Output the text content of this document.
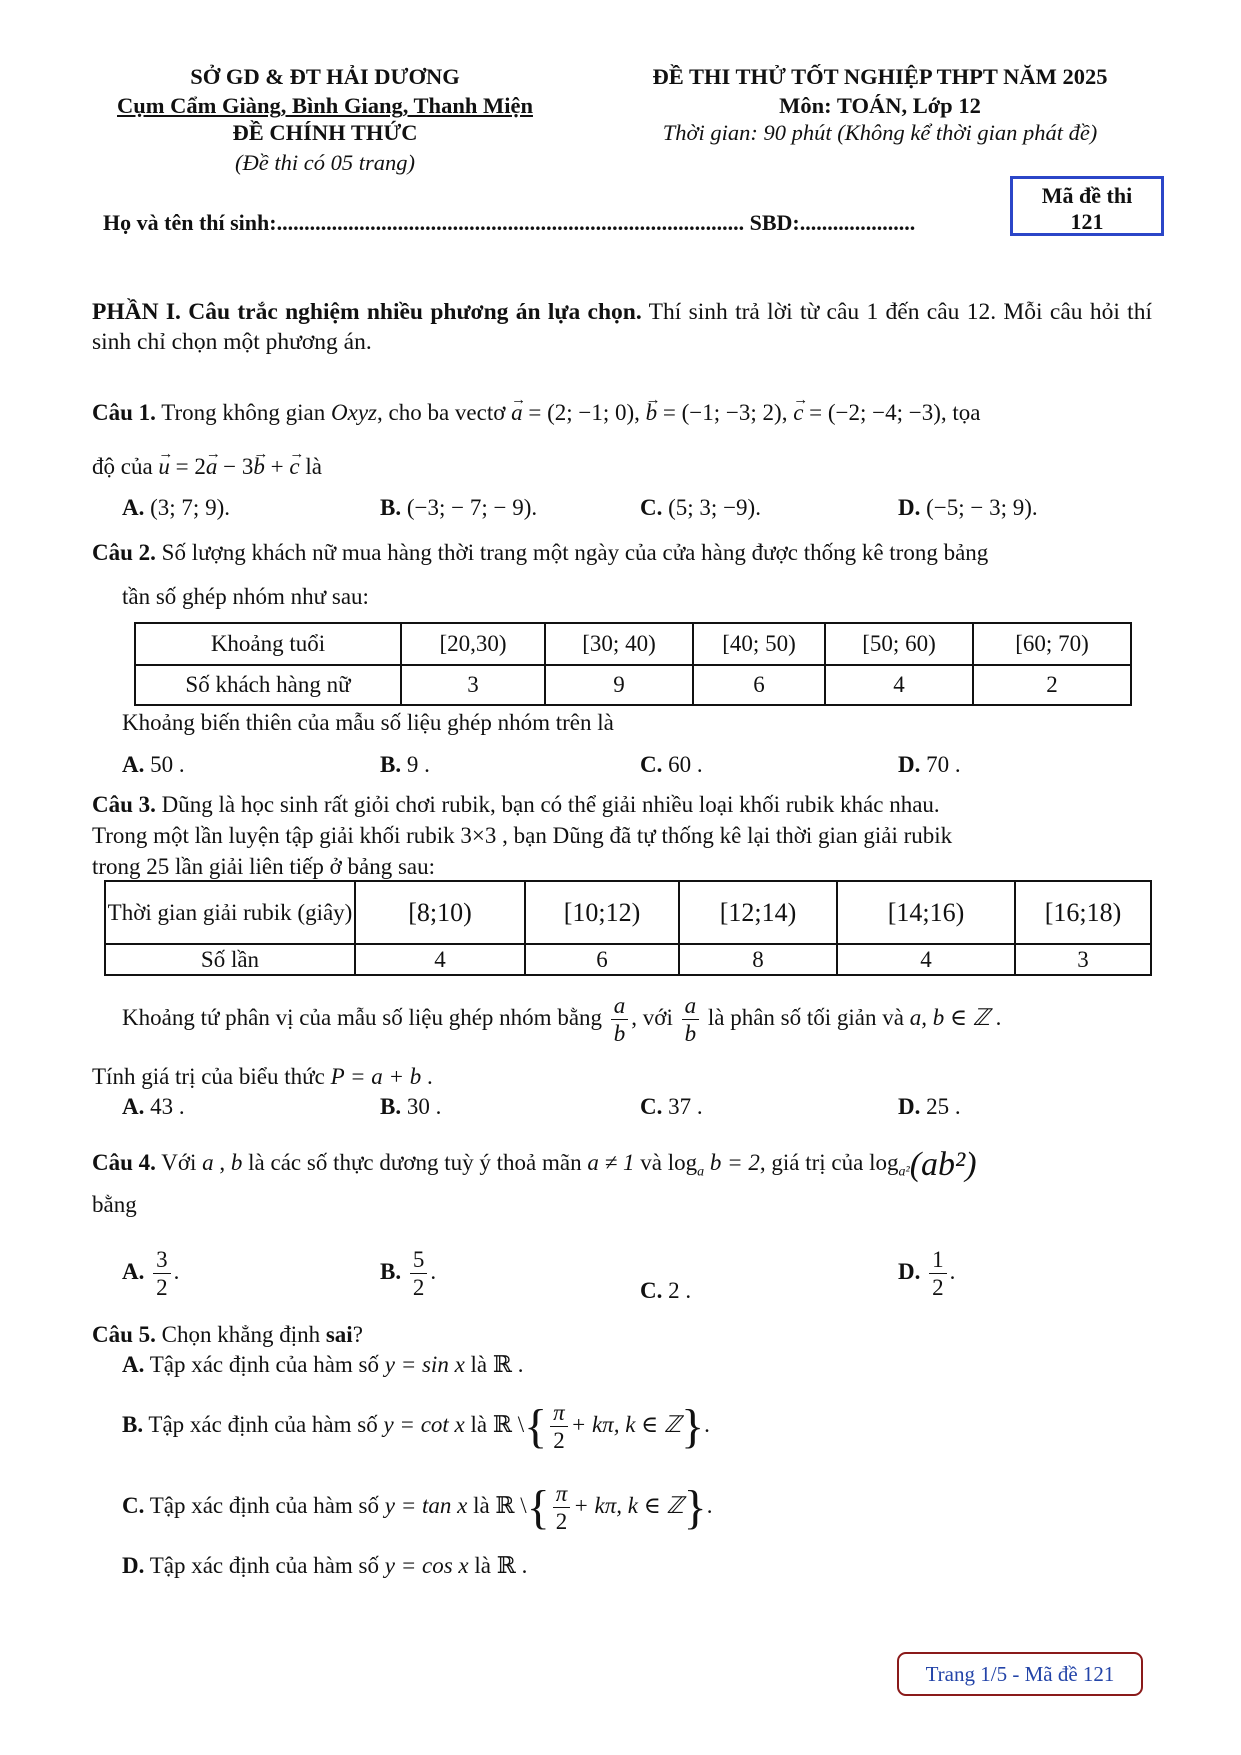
SỞ GD & ĐT HẢI DƯƠNG
Cụm Cẩm Giàng, Bình Giang, Thanh Miện
ĐỀ CHÍNH THỨC
(Đề thi có 05 trang)
ĐỀ THI THỬ TỐT NGHIỆP THPT NĂM 2025
Môn: TOÁN, Lớp 12
Thời gian: 90 phút (Không kể thời gian phát đề)
Họ và tên thí sinh:..................................................................................... SBD:.....................
Mã đề thi
121
PHẦN I. Câu trắc nghiệm nhiều phương án lựa chọn. Thí sinh trả lời từ câu 1 đến câu 12. Mỗi câu hỏi thí sinh chỉ chọn một phương án.
Câu 1. Trong không gian Oxyz, cho ba vectơ → a = (2; −1; 0), → b = (−1; −3; 2), → c = (−2; −4; −3), tọa
độ của → u = 2→ a − 3→ b + → c là
A. (3; 7; 9).	B. (−3; − 7; − 9).	C. (5; 3; −9).	D. (−5; − 3; 9).
Câu 2. Số lượng khách nữ mua hàng thời trang một ngày của cửa hàng được thống kê trong bảng
tần số ghép nhóm như sau:
Khoảng tuổi	[20,30)	[30; 40)	[40; 50)	[50; 60)	[60; 70)
Số khách hàng nữ	3	9	6	4	2
Khoảng biến thiên của mẫu số liệu ghép nhóm trên là
A. 50 .	B. 9 .	C. 60 .	D. 70 .
Câu 3. Dũng là học sinh rất giỏi chơi rubik, bạn có thể giải nhiều loại khối rubik khác nhau.
Trong một lần luyện tập giải khối rubik 3×3 , bạn Dũng đã tự thống kê lại thời gian giải rubik
trong 25 lần giải liên tiếp ở bảng sau:
Thời gian giải rubik (giây)	[8;10)	[10;12)	[12;14)	[14;16)	[16;18)
Số lần	4	6	8	4	3
Khoảng tứ phân vị của mẫu số liệu ghép nhóm bằng $\frac{a}{b}$ , với $\frac{a}{b}$ là phân số tối giản và a, b ∈ ℤ .
Tính giá trị của biểu thức P = a + b .
A. 43 .	B. 30 .	C. 37 .	D. 25 .
Câu 4. Với a , b là các số thực dương tuỳ ý thoả mãn a ≠ 1 và $\log_a b = 2$, giá trị của $\log_{a^2}(ab^2)$
bằng
A. $\frac{3}{2}$ .	B. $\frac{5}{2}$ .
C. 2 .
D. $\frac{1}{2}$ .
Câu 5. Chọn khẳng định sai?
A. Tập xác định của hàm số y = sin x là ℝ .
B. Tập xác định của hàm số y = cot x là ℝ \{ $\frac{\pi}{2} + k\pi$, k ∈ ℤ}.
C. Tập xác định của hàm số y = tan x là ℝ \{ $\frac{\pi}{2} + k\pi$, k ∈ ℤ}.
D. Tập xác định của hàm số y = cos x là ℝ .
Trang 1/5 - Mã đề 121
